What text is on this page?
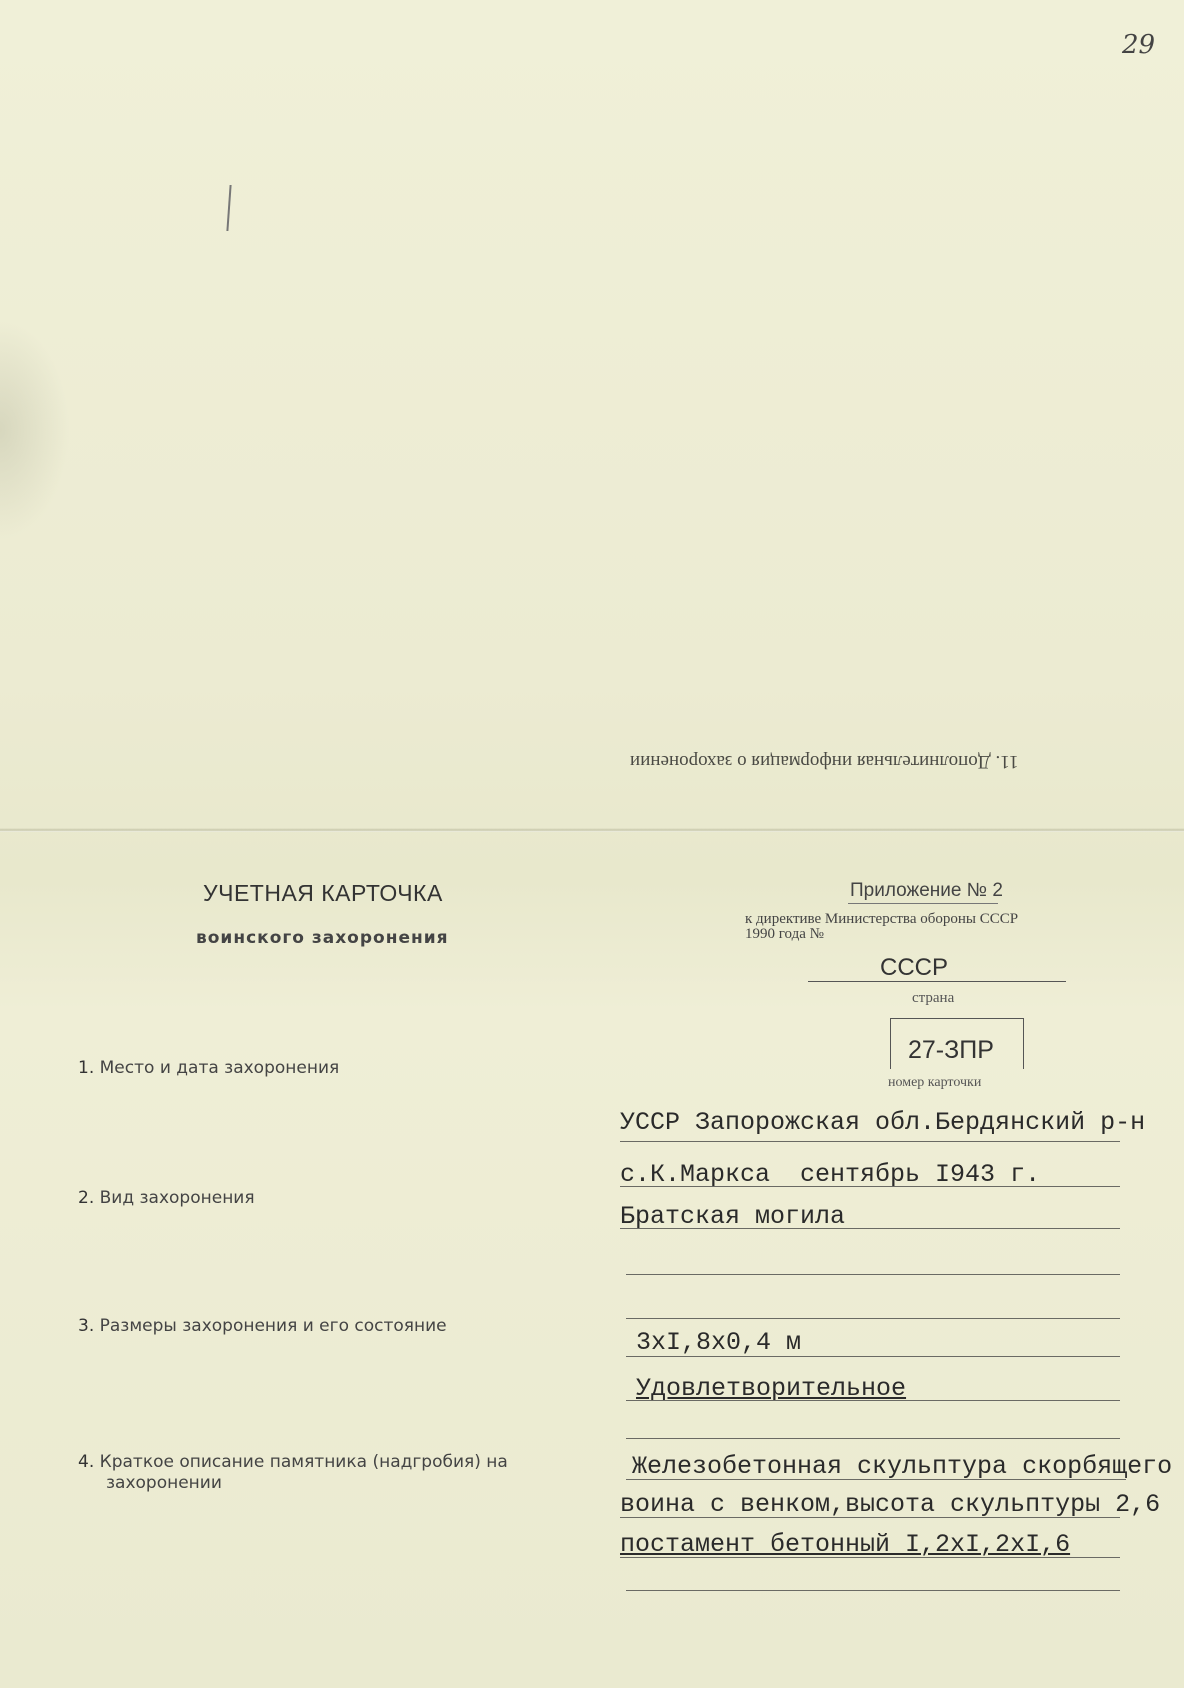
29
11. Дополнительная информация о захоронении
УЧЕТНАЯ КАРТОЧКА
воинского захоронения
Приложение № 2
к директиве Министерства обороны СССР
1990 года №
СССР
страна
27-ЗПР
номер карточки
1. Место и дата захоронения
УССР Запорожская обл.Бердянский р-н
с.К.Маркса  сентябрь I943 г.
2. Вид захоронения
Братская могила
3. Размеры захоронения и его состояние
3xI,8x0,4 м
Удовлетворительное
4. Краткое описание памятника (надгробия) на
захоронении
Железобетонная скульптура скорбящего
воина с венком,высота скульптуры 2,6
постамент бетонный I,2xI,2xI,6
